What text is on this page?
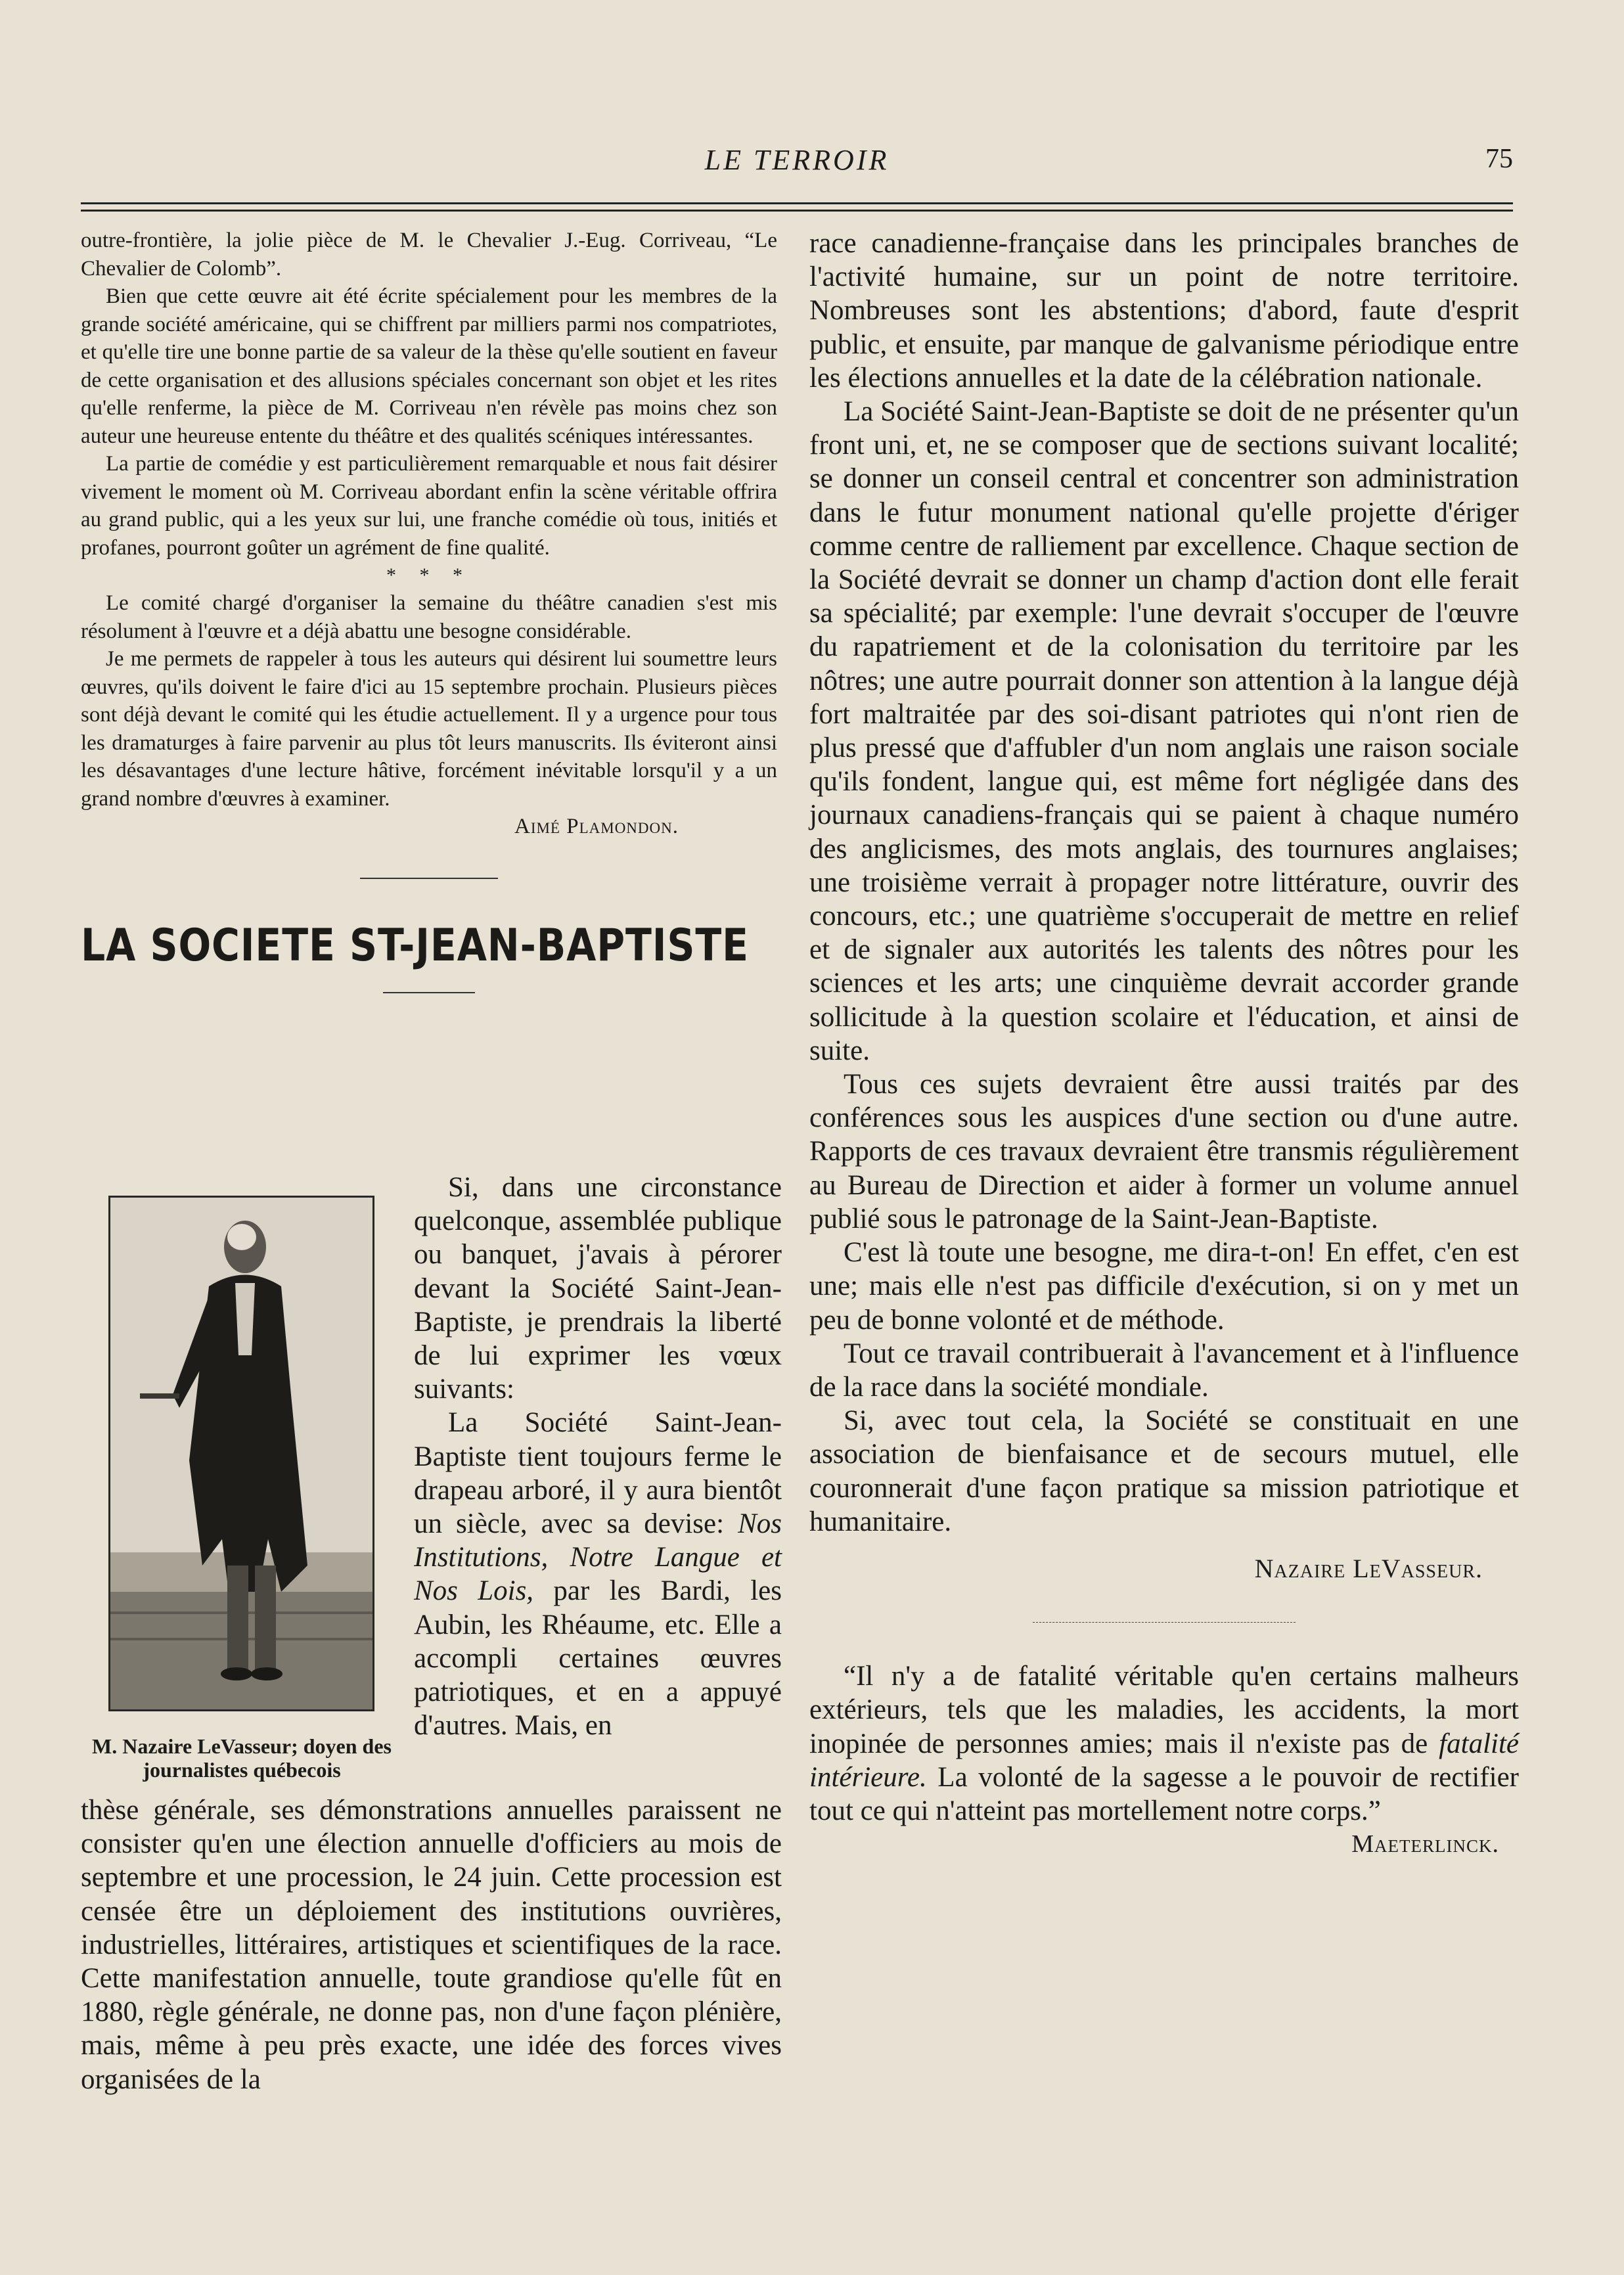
LE TERROIR	75

outre-frontière, la jolie pièce de M. le Chevalier J.-Eug. Corriveau, “Le Chevalier de Colomb”.

Bien que cette œuvre ait été écrite spécialement pour les membres de la grande société américaine, qui se chiffrent par milliers parmi nos compatriotes, et qu'elle tire une bonne partie de sa valeur de la thèse qu'elle soutient en faveur de cette organisation et des allusions spéciales concernant son objet et les rites qu'elle renferme, la pièce de M. Corriveau n'en révèle pas moins chez son auteur une heureuse entente du théâtre et des qualités scéniques intéressantes.

La partie de comédie y est particulièrement remarquable et nous fait désirer vivement le moment où M. Corriveau abordant enfin la scène véritable offrira au grand public, qui a les yeux sur lui, une franche comédie où tous, initiés et profanes, pourront goûter un agrément de fine qualité.

* * *

Le comité chargé d'organiser la semaine du théâtre canadien s'est mis résolument à l'œuvre et a déjà abattu une besogne considérable.

Je me permets de rappeler à tous les auteurs qui désirent lui soumettre leurs œuvres, qu'ils doivent le faire d'ici au 15 septembre prochain. Plusieurs pièces sont déjà devant le comité qui les étudie actuellement. Il y a urgence pour tous les dramaturges à faire parvenir au plus tôt leurs manuscrits. Ils éviteront ainsi les désavantages d'une lecture hâtive, forcément inévitable lorsqu'il y a un grand nombre d'œuvres à examiner.

Aimé Plamondon.
LA SOCIETE ST-JEAN-BAPTISTE
M. Nazaire LeVasseur; doyen des journalistes québecois

Si, dans une circonstance quelconque, assemblée publique ou banquet, j'avais à pérorer devant la Société Saint-Jean-Baptiste, je prendrais la liberté de lui exprimer les vœux suivants:

La Société Saint-Jean-Baptiste tient toujours ferme le drapeau arboré, il y aura bientôt un siècle, avec sa devise: Nos Institutions, Notre Langue et Nos Lois, par les Bardi, les Aubin, les Rhéaume, etc. Elle a accompli certaines œuvres patriotiques, et en a appuyé d'autres. Mais, en

thèse générale, ses démonstrations annuelles paraissent ne consister qu'en une élection annuelle d'officiers au mois de septembre et une procession, le 24 juin. Cette procession est censée être un déploiement des institutions ouvrières, industrielles, littéraires, artistiques et scientifiques de la race. Cette manifestation annuelle, toute grandiose qu'elle fût en 1880, règle générale, ne donne pas, non d'une façon plénière, mais, même à peu près exacte, une idée des forces vives organisées de la

race canadienne-française dans les principales branches de l'activité humaine, sur un point de notre territoire. Nombreuses sont les abstentions; d'abord, faute d'esprit public, et ensuite, par manque de galvanisme périodique entre les élections annuelles et la date de la célébration nationale.

La Société Saint-Jean-Baptiste se doit de ne présenter qu'un front uni, et, ne se composer que de sections suivant localité; se donner un conseil central et concentrer son administration dans le futur monument national qu'elle projette d'ériger comme centre de ralliement par excellence. Chaque section de la Société devrait se donner un champ d'action dont elle ferait sa spécialité; par exemple: l'une devrait s'occuper de l'œuvre du rapatriement et de la colonisation du territoire par les nôtres; une autre pourrait donner son attention à la langue déjà fort maltraitée par des soi-disant patriotes qui n'ont rien de plus pressé que d'affubler d'un nom anglais une raison sociale qu'ils fondent, langue qui, est même fort négligée dans des journaux canadiens-français qui se paient à chaque numéro des anglicismes, des mots anglais, des tournures anglaises; une troisième verrait à propager notre littérature, ouvrir des concours, etc.; une quatrième s'occuperait de mettre en relief et de signaler aux autorités les talents des nôtres pour les sciences et les arts; une cinquième devrait accorder grande sollicitude à la question scolaire et l'éducation, et ainsi de suite.

Tous ces sujets devraient être aussi traités par des conférences sous les auspices d'une section ou d'une autre. Rapports de ces travaux devraient être transmis régulièrement au Bureau de Direction et aider à former un volume annuel publié sous le patronage de la Saint-Jean-Baptiste.

C'est là toute une besogne, me dira-t-on! En effet, c'en est une; mais elle n'est pas difficile d'exécution, si on y met un peu de bonne volonté et de méthode.

Tout ce travail contribuerait à l'avancement et à l'influence de la race dans la société mondiale.

Si, avec tout cela, la Société se constituait en une association de bienfaisance et de secours mutuel, elle couronnerait d'une façon pratique sa mission patriotique et humanitaire.

Nazaire LeVasseur.

“Il n'y a de fatalité véritable qu'en certains malheurs extérieurs, tels que les maladies, les accidents, la mort inopinée de personnes amies; mais il n'existe pas de fatalité intérieure. La volonté de la sagesse a le pouvoir de rectifier tout ce qui n'atteint pas mortellement notre corps.”

Maeterlinck.
